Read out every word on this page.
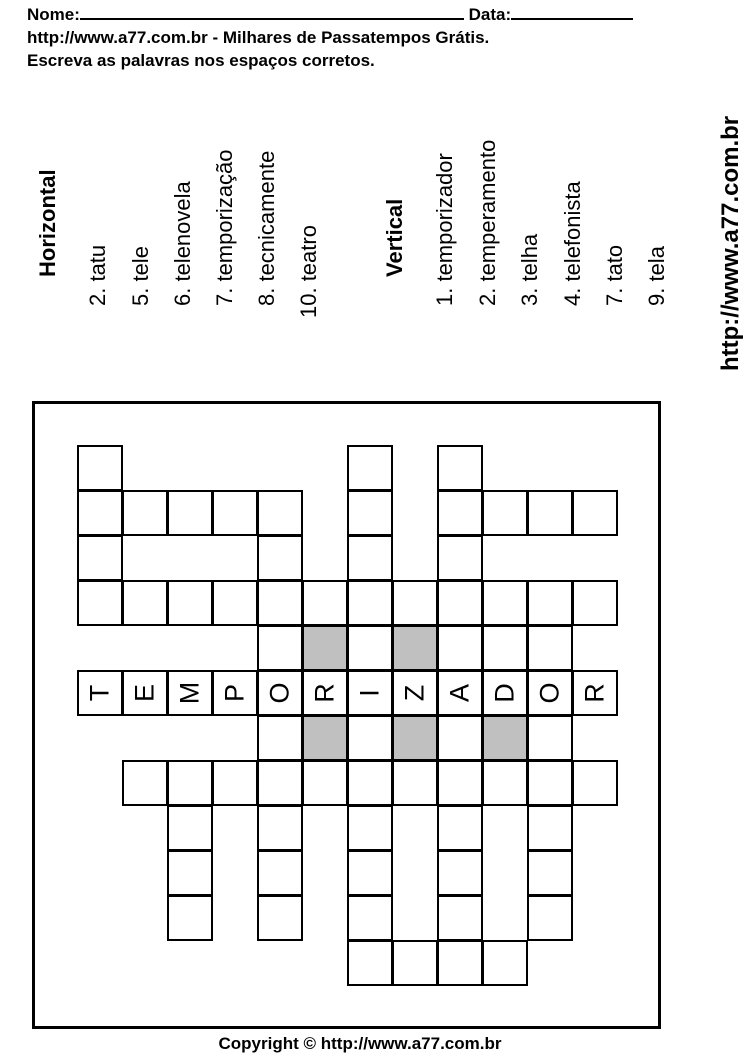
Nome:	Data:
http://www.a77.com.br - Milhares de Passatempos Grátis.
Escreva as palavras nos espaços corretos.
Horizontal 2. tatu 5. tele 6. telenovela 7. temporização 8. tecnicamente 10. teatro	Vertical 1. temporizador 2. temperamento 3. telha 4. telefonista 7. tato 9. tela
T E M P O R I Z A D O R
http://www.a77.com.br
Copyright © http://www.a77.com.br
